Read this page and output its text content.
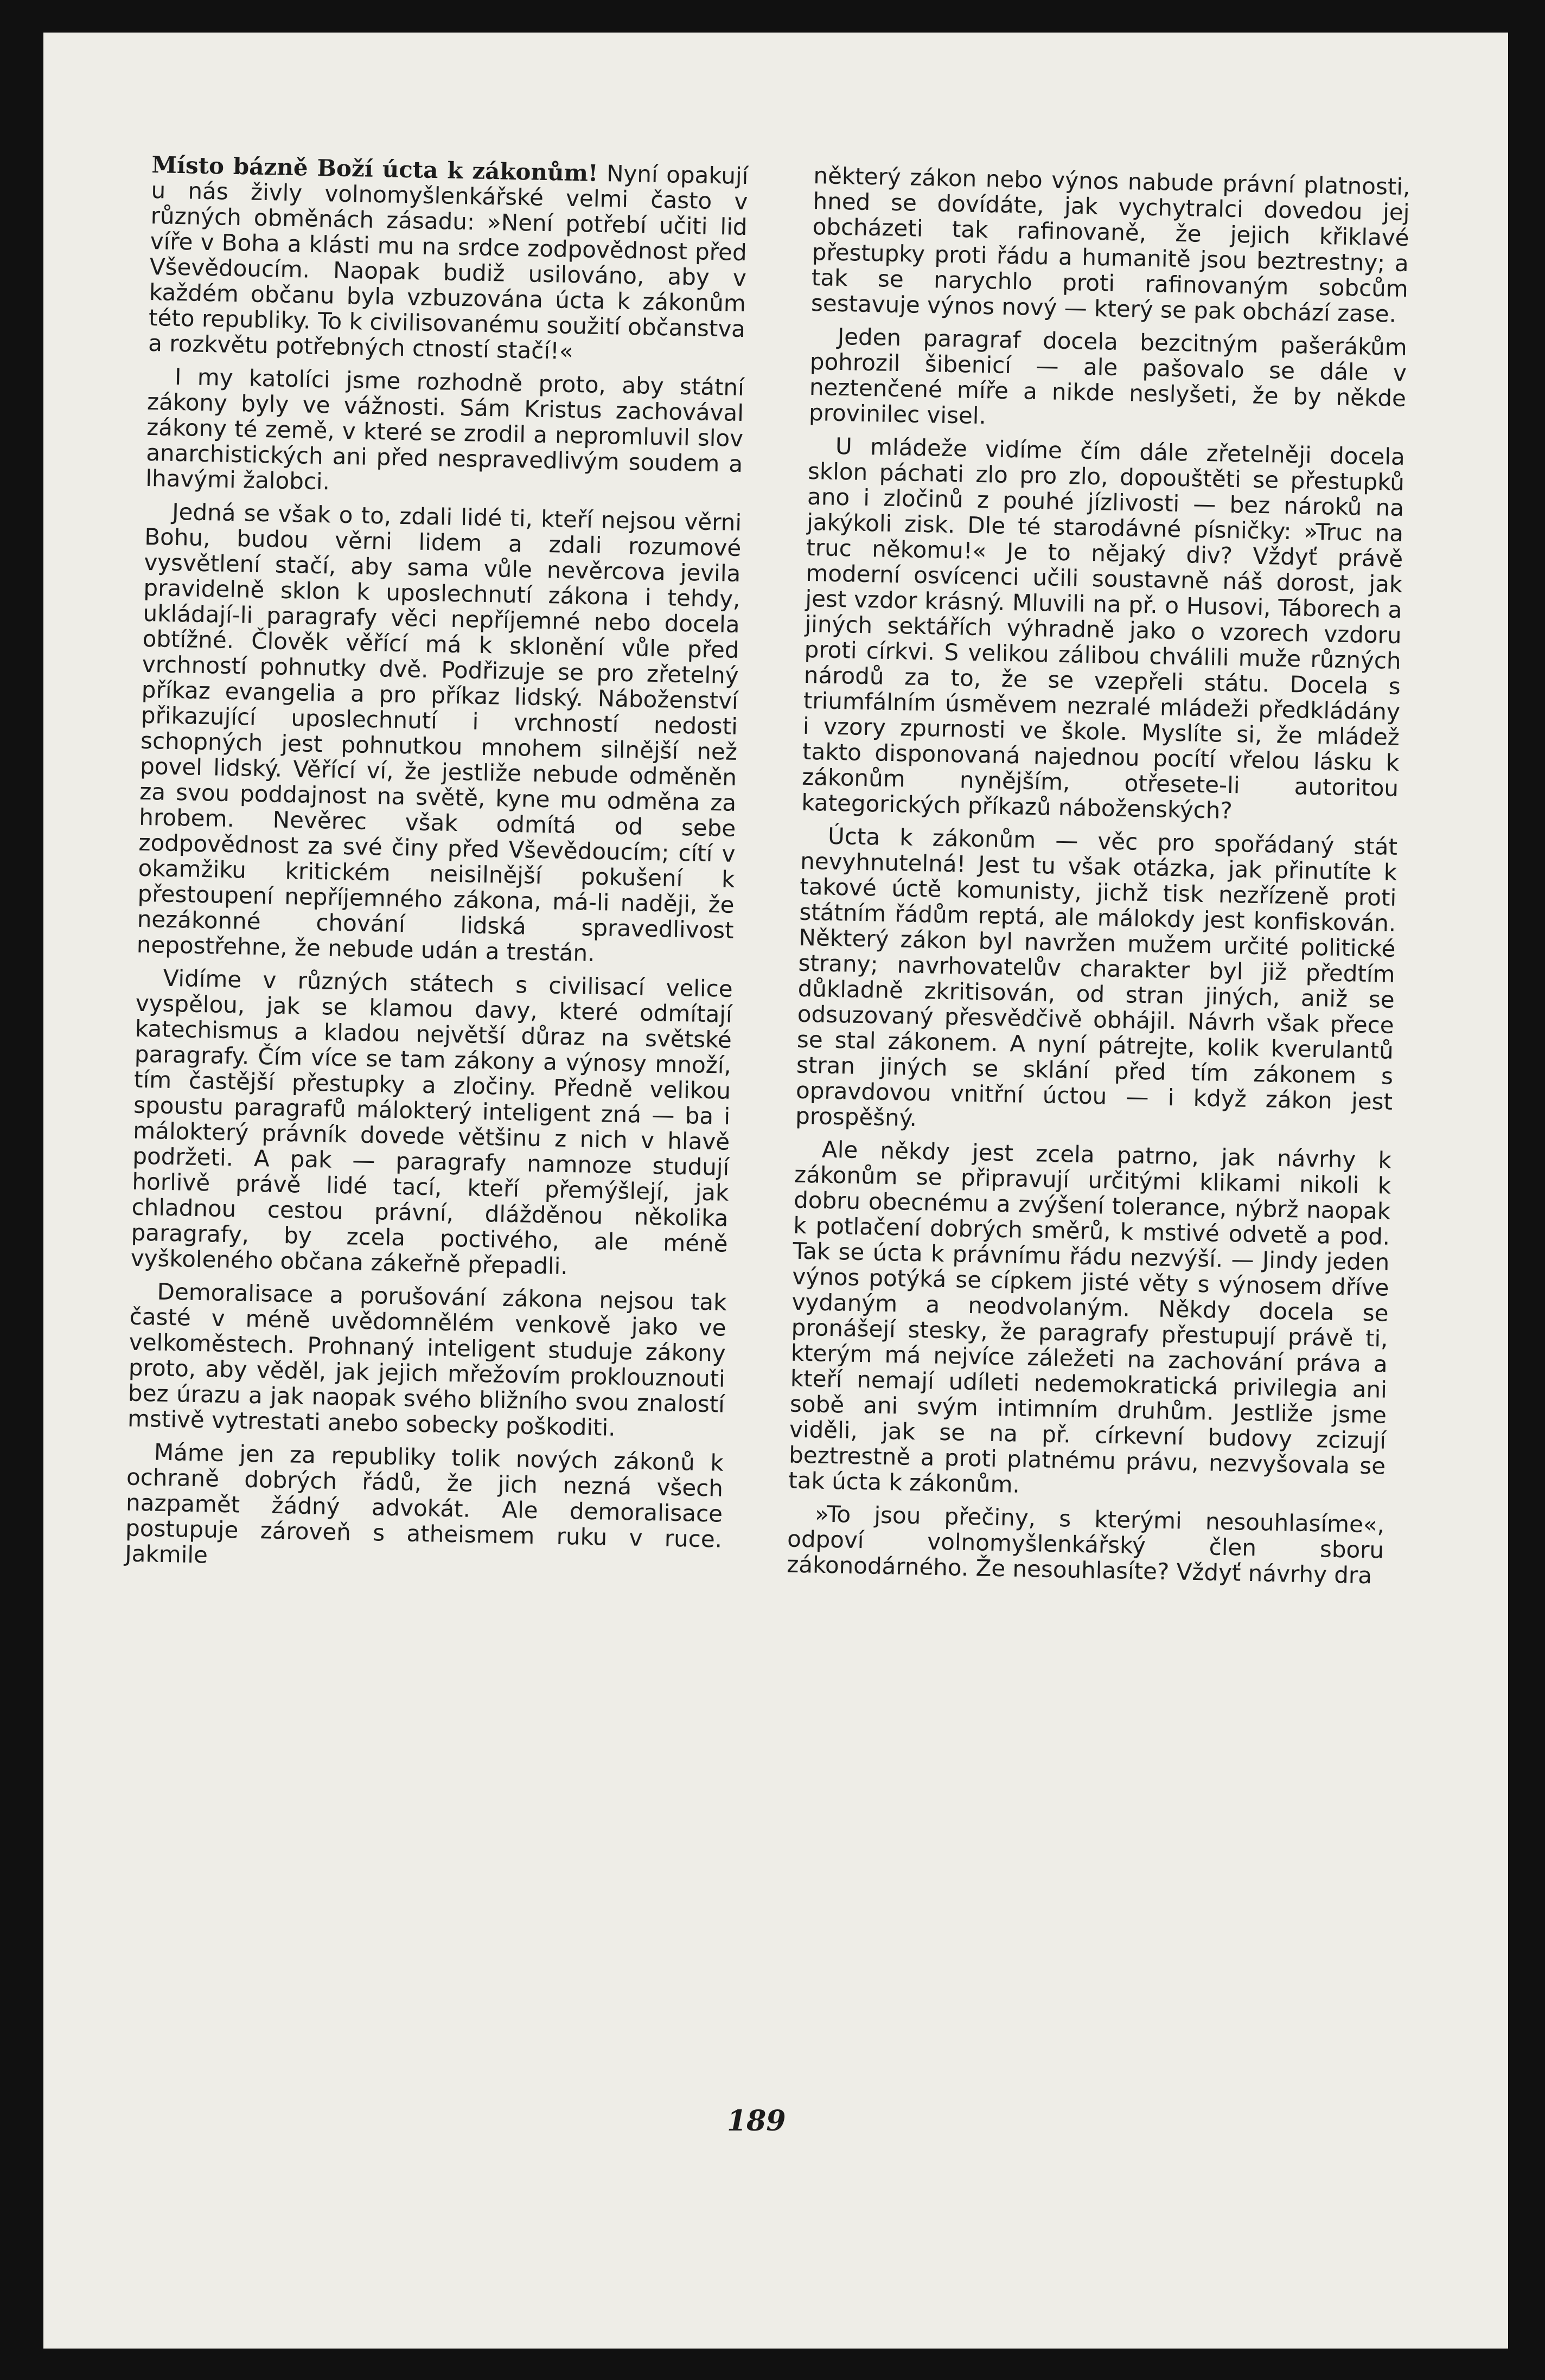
Místo bázně Boží úcta k zákonům! Nyní opakují u nás živly volnomyšlenkářské velmi často v různých obměnách zásadu: »Není potřebí učiti lid víře v Boha a klásti mu na srdce zodpovědnost před Vševědoucím. Naopak budiž usilováno, aby v každém občanu byla vzbuzována úcta k zákonům této republiky. To k civilisovanému soužití občanstva a rozkvětu potřebných ctností stačí!«

I my katolíci jsme rozhodně proto, aby státní zákony byly ve vážnosti. Sám Kristus zachovával zákony té země, v které se zrodil a nepromluvil slov anarchistických ani před nespravedlivým soudem a lhavými žalobci.

Jedná se však o to, zdali lidé ti, kteří nejsou věrni Bohu, budou věrni lidem a zdali rozumové vysvětlení stačí, aby sama vůle nevěrcova jevila pravidelně sklon k uposlechnutí zákona i tehdy, ukládají-li paragrafy věci nepříjemné nebo docela obtížné. Člověk věřící má k sklonění vůle před vrchností pohnutky dvě. Podřizuje se pro zřetelný příkaz evangelia a pro příkaz lidský. Náboženství přikazující uposlechnutí i vrchností nedosti schopných jest pohnutkou mnohem silnější než povel lidský. Věřící ví, že jestliže nebude odměněn za svou poddajnost na světě, kyne mu odměna za hrobem. Nevěrec však odmítá od sebe zodpovědnost za své činy před Vševědoucím; cítí v okamžiku kritickém neisilnější pokušení k přestoupení nepříjemného zákona, má-li naději, že nezákonné chování lidská spravedlivost nepostřehne, že nebude udán a trestán.

Vidíme v různých státech s civilisací velice vyspělou, jak se klamou davy, které odmítají katechismus a kladou největší důraz na světské paragrafy. Čím více se tam zákony a výnosy množí, tím častější přestupky a zločiny. Předně velikou spoustu paragrafů málokterý inteligent zná — ba i málokterý právník dovede většinu z nich v hlavě podržeti. A pak — paragrafy namnoze studují horlivě právě lidé tací, kteří přemýšlejí, jak chladnou cestou právní, dlážděnou několika paragrafy, by zcela poctivého, ale méně vyškoleného občana zákeřně přepadli.

Demoralisace a porušování zákona nejsou tak časté v méně uvědomnělém venkově jako ve velkoměstech. Prohnaný inteligent studuje zákony proto, aby věděl, jak jejich mřežovím proklouznouti bez úrazu a jak naopak svého bližního svou znalostí mstivě vytrestati anebo sobecky poškoditi.

Máme jen za republiky tolik nových zákonů k ochraně dobrých řádů, že jich nezná všech nazpamět žádný advokát. Ale demoralisace postupuje zároveň s atheismem ruku v ruce. Jakmile

některý zákon nebo výnos nabude právní platnosti, hned se dovídáte, jak vychytralci dovedou jej obcházeti tak rafinovaně, že jejich křiklavé přestupky proti řádu a humanitě jsou beztrestny; a tak se narychlo proti rafinovaným sobcům sestavuje výnos nový — který se pak obchází zase.

Jeden paragraf docela bezcitným pašerákům pohrozil šibenicí — ale pašovalo se dále v neztenčené míře a nikde neslyšeti, že by někde provinilec visel.

U mládeže vidíme čím dále zřetelněji docela sklon páchati zlo pro zlo, dopouštěti se přestupků ano i zločinů z pouhé jízlivosti — bez nároků na jakýkoli zisk. Dle té starodávné písničky: »Truc na truc někomu!« Je to nějaký div? Vždyť právě moderní osvícenci učili soustavně náš dorost, jak jest vzdor krásný. Mluvili na př. o Husovi, Táborech a jiných sektářích výhradně jako o vzorech vzdoru proti církvi. S velikou zálibou chválili muže různých národů za to, že se vzepřeli státu. Docela s triumfálním úsměvem nezralé mládeži předkládány i vzory zpurnosti ve škole. Myslíte si, že mládež takto disponovaná najednou pocítí vřelou lásku k zákonům nynějším, otřesete-li autoritou kategorických příkazů náboženských?

Úcta k zákonům — věc pro spořádaný stát nevyhnutelná! Jest tu však otázka, jak přinutíte k takové úctě komunisty, jichž tisk nezřízeně proti státním řádům reptá, ale málokdy jest konfiskován. Některý zákon byl navržen mužem určité politické strany; navrhovatelův charakter byl již předtím důkladně zkritisován, od stran jiných, aniž se odsuzovaný přesvědčivě obhájil. Návrh však přece se stal zákonem. A nyní pátrejte, kolik kverulantů stran jiných se sklání před tím zákonem s opravdovou vnitřní úctou — i když zákon jest prospěšný.

Ale někdy jest zcela patrno, jak návrhy k zákonům se připravují určitými klikami nikoli k dobru obecnému a zvýšení tolerance, nýbrž naopak k potlačení dobrých směrů, k mstivé odvetě a pod. Tak se úcta k právnímu řádu nezvýší. — Jindy jeden výnos potýká se cípkem jisté věty s výnosem dříve vydaným a neodvolaným. Někdy docela se pronášejí stesky, že paragrafy přestupují právě ti, kterým má nejvíce záležeti na zachování práva a kteří nemají udíleti nedemokratická privilegia ani sobě ani svým intimním druhům. Jestliže jsme viděli, jak se na př. církevní budovy zcizují beztrestně a proti platnému právu, nezvyšovala se tak úcta k zákonům.

»To jsou přečiny, s kterými nesouhlasíme«, odpoví volnomyšlenkářský člen sboru zákonodárného. Že nesouhlasíte? Vždyť návrhy dra

189
